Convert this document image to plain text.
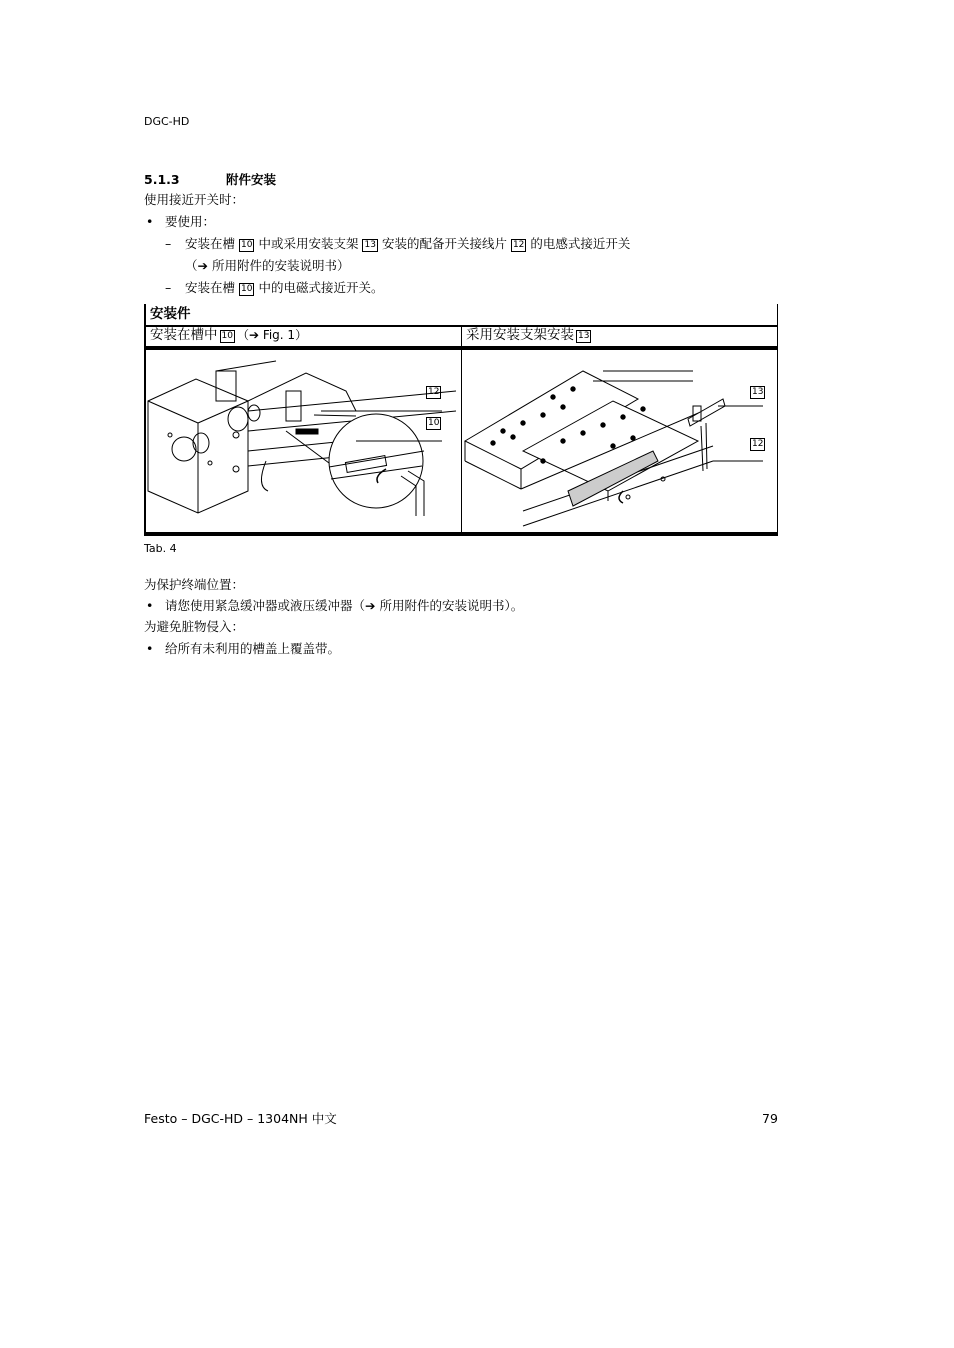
DGC-HD
5.1.3	附件安装
使用接近开关时：
• 要使用：
– 安装在槽 10 中或采用安装支架 13 安装的配备开关接线片 12 的电感式接近开关
（➔ 所用附件的安装说明书）
– 安装在槽 10 中的电磁式接近开关。
安装件
安装在槽中 10 （➔ Fig. 1）	采用安装支架安装 13
12
10
13
12
Tab. 4
为保护终端位置：
• 请您使用紧急缓冲器或液压缓冲器（➔ 所用附件的安装说明书）。
为避免脏物侵入：
• 给所有未利用的槽盖上覆盖带。
Festo – DGC-HD – 1304NH 中文	79
